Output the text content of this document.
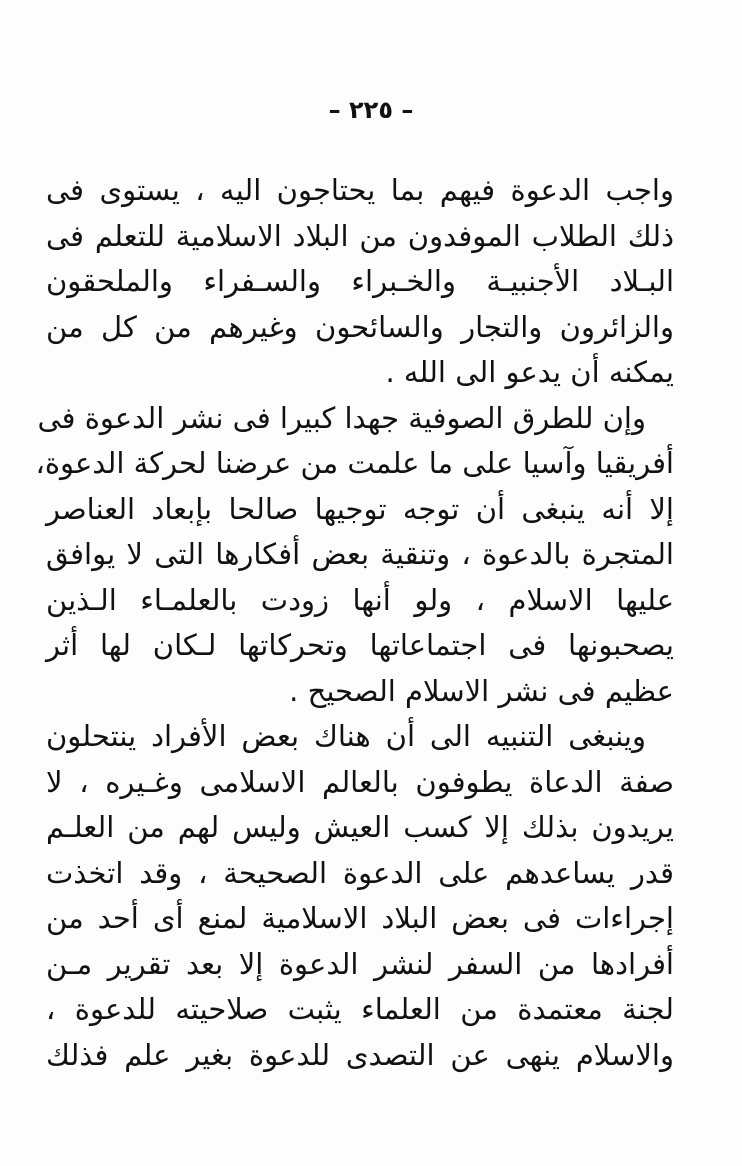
– ٢٢٥ –
واجب الدعوة فيهم بما يحتاجون اليه ، يستوى فى
ذلك الطلاب الموفدون من البلاد الاسلامية للتعلم فى
البـلاد الأجنبيـة والخـبراء والسـفراء والملحقون
والزائرون والتجار والسائحون وغيرهم من كل من
يمكنه أن يدعو الى الله .
وإن للطرق الصوفية جهدا كبيرا فى نشر الدعوة فى
أفريقيا وآسيا على ما علمت من عرضنا لحركة الدعوة،
إلا أنه ينبغى أن توجه توجيها صالحا بإبعاد العناصر
المتجرة بالدعوة ، وتنقية بعض أفكارها التى لا يوافق
عليها الاسلام ، ولو أنها زودت بالعلمـاء الـذين
يصحبونها فى اجتماعاتها وتحركاتها لـكان لها أثر
عظيم فى نشر الاسلام الصحيح .
وينبغى التنبيه الى أن هناك بعض الأفراد ينتحلون
صفة الدعاة يطوفون بالعالم الاسلامى وغـيره ، لا
يريدون بذلك إلا كسب العيش وليس لهم من العلـم
قدر يساعدهم على الدعوة الصحيحة ، وقد اتخذت
إجراءات فى بعض البلاد الاسلامية لمنع أى أحد من
أفرادها من السفر لنشر الدعوة إلا بعد تقرير مـن
لجنة معتمدة من العلماء يثبت صلاحيته للدعوة ،
والاسلام ينهى عن التصدى للدعوة بغير علم فذلك
